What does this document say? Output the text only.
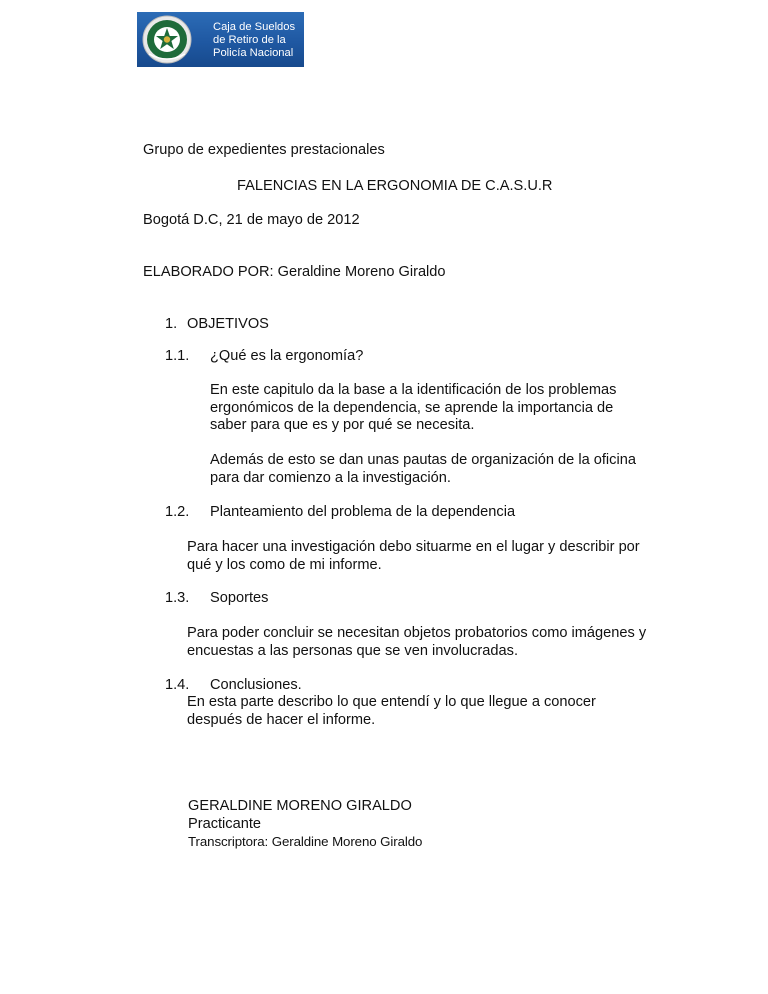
Caja de Sueldos
de Retiro de la
Policía Nacional
Grupo de expedientes prestacionales
FALENCIAS EN LA ERGONOMIA DE C.A.S.U.R
Bogotá D.C, 21 de mayo de 2012
ELABORADO POR: Geraldine Moreno Giraldo
1. OBJETIVOS
1.1. ¿Qué es la ergonomía?
En este capitulo da la base a la identificación de los problemas
ergonómicos de la dependencia, se aprende la importancia de
saber para que es y por qué se necesita.
Además de esto se dan unas pautas de organización de la oficina
para dar comienzo a la investigación.
1.2. Planteamiento del problema de la dependencia
Para hacer una investigación debo situarme en el lugar y describir por
qué y los como de mi informe.
1.3. Soportes
Para poder concluir se necesitan objetos probatorios como imágenes y
encuestas a las personas que se ven involucradas.
1.4. Conclusiones.
En esta parte describo lo que entendí y lo que llegue a conocer
después de hacer el informe.
GERALDINE MORENO GIRALDO
Practicante
Transcriptora: Geraldine Moreno Giraldo
